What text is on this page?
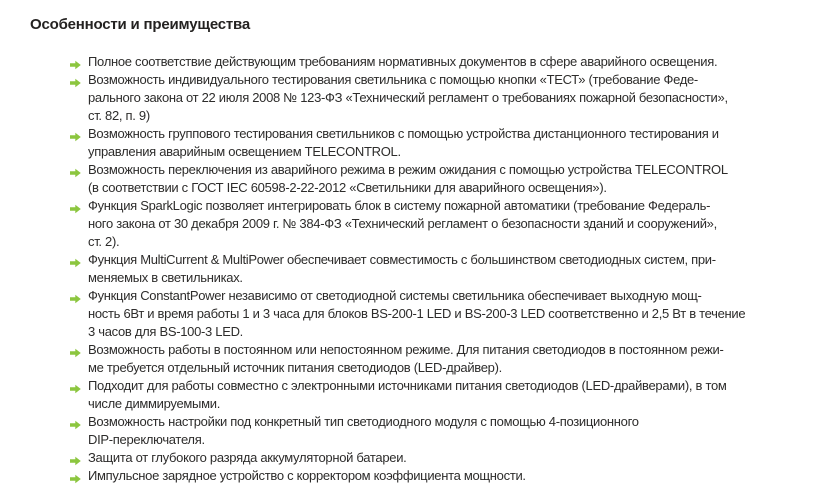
Особенности и преимущества
Полное соответствие действующим требованиям нормативных документов в сфере аварийного освещения.
Возможность индивидуального тестирования светильника с помощью кнопки «ТЕСТ» (требование Феде-
рального закона от 22 июля 2008 № 123-ФЗ «Технический регламент о требованиях пожарной безопасности»,
ст. 82, п. 9)
Возможность группового тестирования светильников с помощью устройства дистанционного тестирования и
управления аварийным освещением TELECONTROL.
Возможность переключения из аварийного режима в режим ожидания с помощью устройства TELECONTROL
(в соответствии с ГОСТ IEC 60598-2-22-2012 «Светильники для аварийного освещения»).
Функция SparkLogic позволяет интегрировать блок в систему пожарной автоматики (требование Федераль-
ного закона от 30 декабря 2009 г. № 384-ФЗ «Технический регламент о безопасности зданий и сооружений»,
ст. 2).
Функция MultiCurrent & MultiPower обеспечивает совместимость с большинством светодиодных систем, при-
меняемых в светильниках.
Функция ConstantPower независимо от светодиодной системы светильника обеспечивает выходную мощ-
ность 6Вт и время работы 1 и 3 часа для блоков BS-200-1 LED и BS-200-3 LED соответственно и 2,5 Вт в течение
3 часов для BS-100-3 LED.
Возможность работы в постоянном или непостоянном режиме. Для питания светодиодов в постоянном режи-
ме требуется отдельный источник питания светодиодов (LED-драйвер).
Подходит для работы совместно с электронными источниками питания светодиодов (LED-драйверами), в том
числе диммируемыми.
Возможность настройки под конкретный тип светодиодного модуля с помощью 4-позиционного
DIP-переключателя.
Защита от глубокого разряда аккумуляторной батареи.
Импульсное зарядное устройство с корректором коэффициента мощности.
